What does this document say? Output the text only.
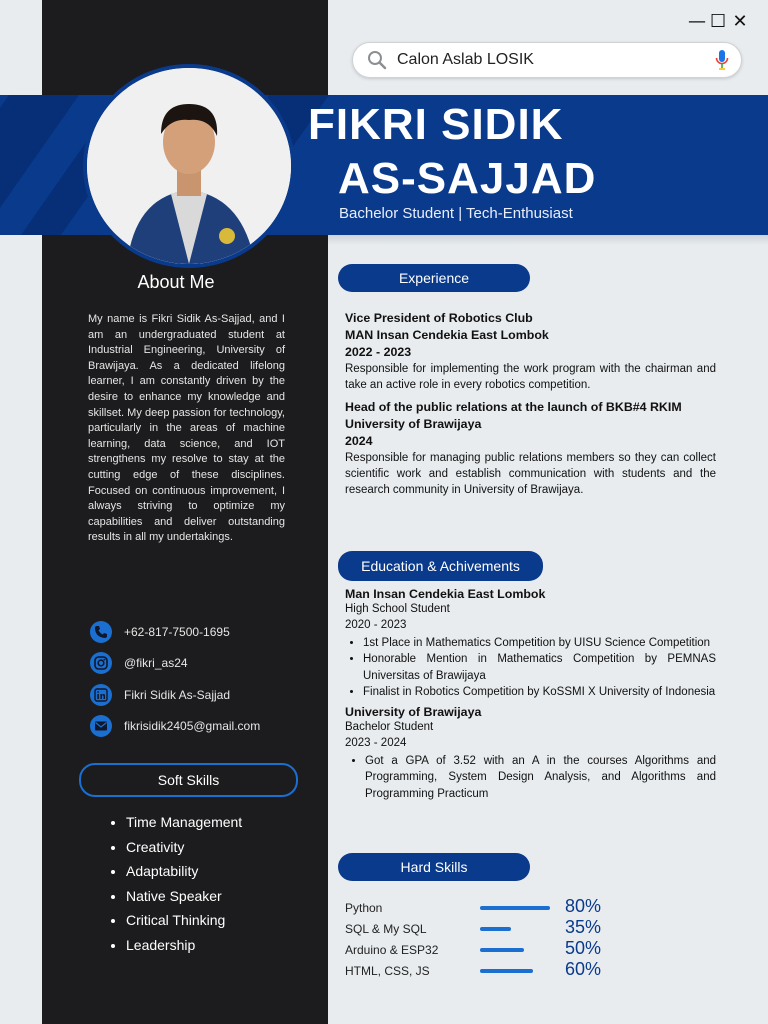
— ☐ ✕
Calon Aslab LOSIK
FIKRI SIDIK
AS-SAJJAD
Bachelor Student | Tech-Enthusiast
About Me
My name is Fikri Sidik As-Sajjad, and I am an undergraduated student at Industrial Engineering, University of Brawijaya. As a dedicated lifelong learner, I am constantly driven by the desire to enhance my knowledge and skillset. My deep passion for technology, particularly in the areas of machine learning, data science, and IOT strengthens my resolve to stay at the cutting edge of these disciplines. Focused on continuous improvement, I always striving to optimize my capabilities and deliver outstanding results in all my undertakings.
+62-817-7500-1695
@fikri_as24
Fikri Sidik As-Sajjad
fikrisidik2405@gmail.com
Soft Skills
• Time Management
• Creativity
• Adaptability
• Native Speaker
• Critical Thinking
• Leadership
Experience
Vice President of Robotics Club
MAN Insan Cendekia East Lombok
2022 - 2023
Responsible for implementing the work program with the chairman and take an active role in every robotics competition.
Head of the public relations at the launch of BKB#4 RKIM
University of Brawijaya
2024
Responsible for managing public relations members so they can collect scientific work and establish communication with students and the research community in University of Brawijaya.
Education & Achivements
Man Insan Cendekia East Lombok
High School Student
2020 - 2023
• 1st Place in Mathematics Competition by UISU Science Competition
• Honorable Mention in Mathematics Competition by PEMNAS Universitas of Brawijaya
• Finalist in Robotics Competition by KoSSMI X University of Indonesia
University of Brawijaya
Bachelor Student
2023 - 2024
• Got a GPA of 3.52 with an A in the courses Algorithms and Programming, System Design Analysis, and Algorithms and Programming Practicum
Hard Skills
Python	80%
SQL & My SQL	35%
Arduino & ESP32	50%
HTML, CSS, JS	60%
